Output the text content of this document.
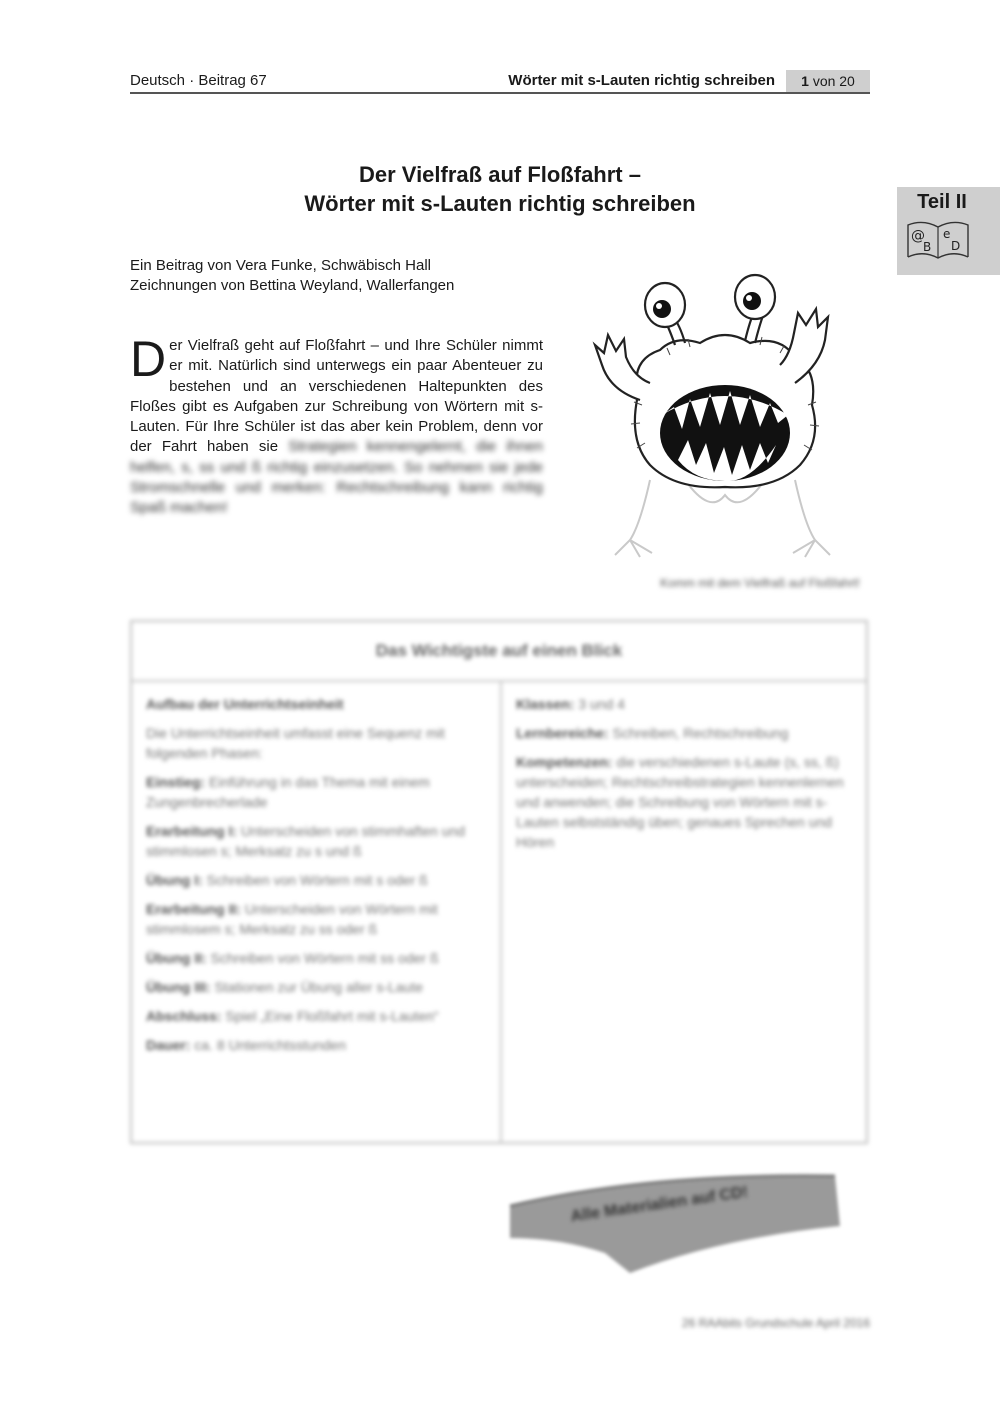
Deutsch · Beitrag 67	Wörter mit s-Lauten richtig schreiben	1 von 20
Teil II
@
B
e
D
Der Vielfraß auf Floßfahrt –
Wörter mit s-Lauten richtig schreiben
Ein Beitrag von Vera Funke, Schwäbisch Hall
Zeichnungen von Bettina Weyland, Wallerfangen
Der Vielfraß geht auf Floßfahrt – und Ihre Schüler nimmt er mit. Natürlich sind unterwegs ein paar Abenteuer zu bestehen und an verschiedenen Haltepunkten des Floßes gibt es Aufgaben zur Schreibung von Wörtern mit s-Lauten. Für Ihre Schüler ist das aber kein Problem, denn vor der Fahrt haben sie Strategien kennengelernt, die ihnen helfen, s, ss und ß richtig einzusetzen. So nehmen sie jede Stromschnelle und merken: Rechtschreibung kann richtig Spaß machen!
Komm mit dem Vielfraß auf Floßfahrt!
Das Wichtigste auf einen Blick

Aufbau der Unterrichtseinheit

Die Unterrichtseinheit umfasst eine Sequenz mit folgenden Phasen:

Einstieg: Einführung in das Thema mit einem Zungenbrecherlade

Erarbeitung I: Unterscheiden von stimmhaften und stimmlosen s; Merksatz zu s und ß

Übung I: Schreiben von Wörtern mit s oder ß

Erarbeitung II: Unterscheiden von Wörtern mit stimmlosem s; Merksatz zu ss oder ß

Übung II: Schreiben von Wörtern mit ss oder ß

Übung III: Stationen zur Übung aller s-Laute

Abschluss: Spiel „Eine Floßfahrt mit s-Lauten“

Dauer: ca. 8 Unterrichtsstunden

Klassen: 3 und 4

Lernbereiche: Schreiben, Rechtschreibung

Kompetenzen: die verschiedenen s-Laute (s, ss, ß) unterscheiden; Rechtschreibstrategien kennenlernen und anwenden; die Schreibung von Wörtern mit s-Lauten selbstständig üben; genaues Sprechen und Hören

Alle Materialien auf CD!
26 RAAbits Grundschule April 2016
